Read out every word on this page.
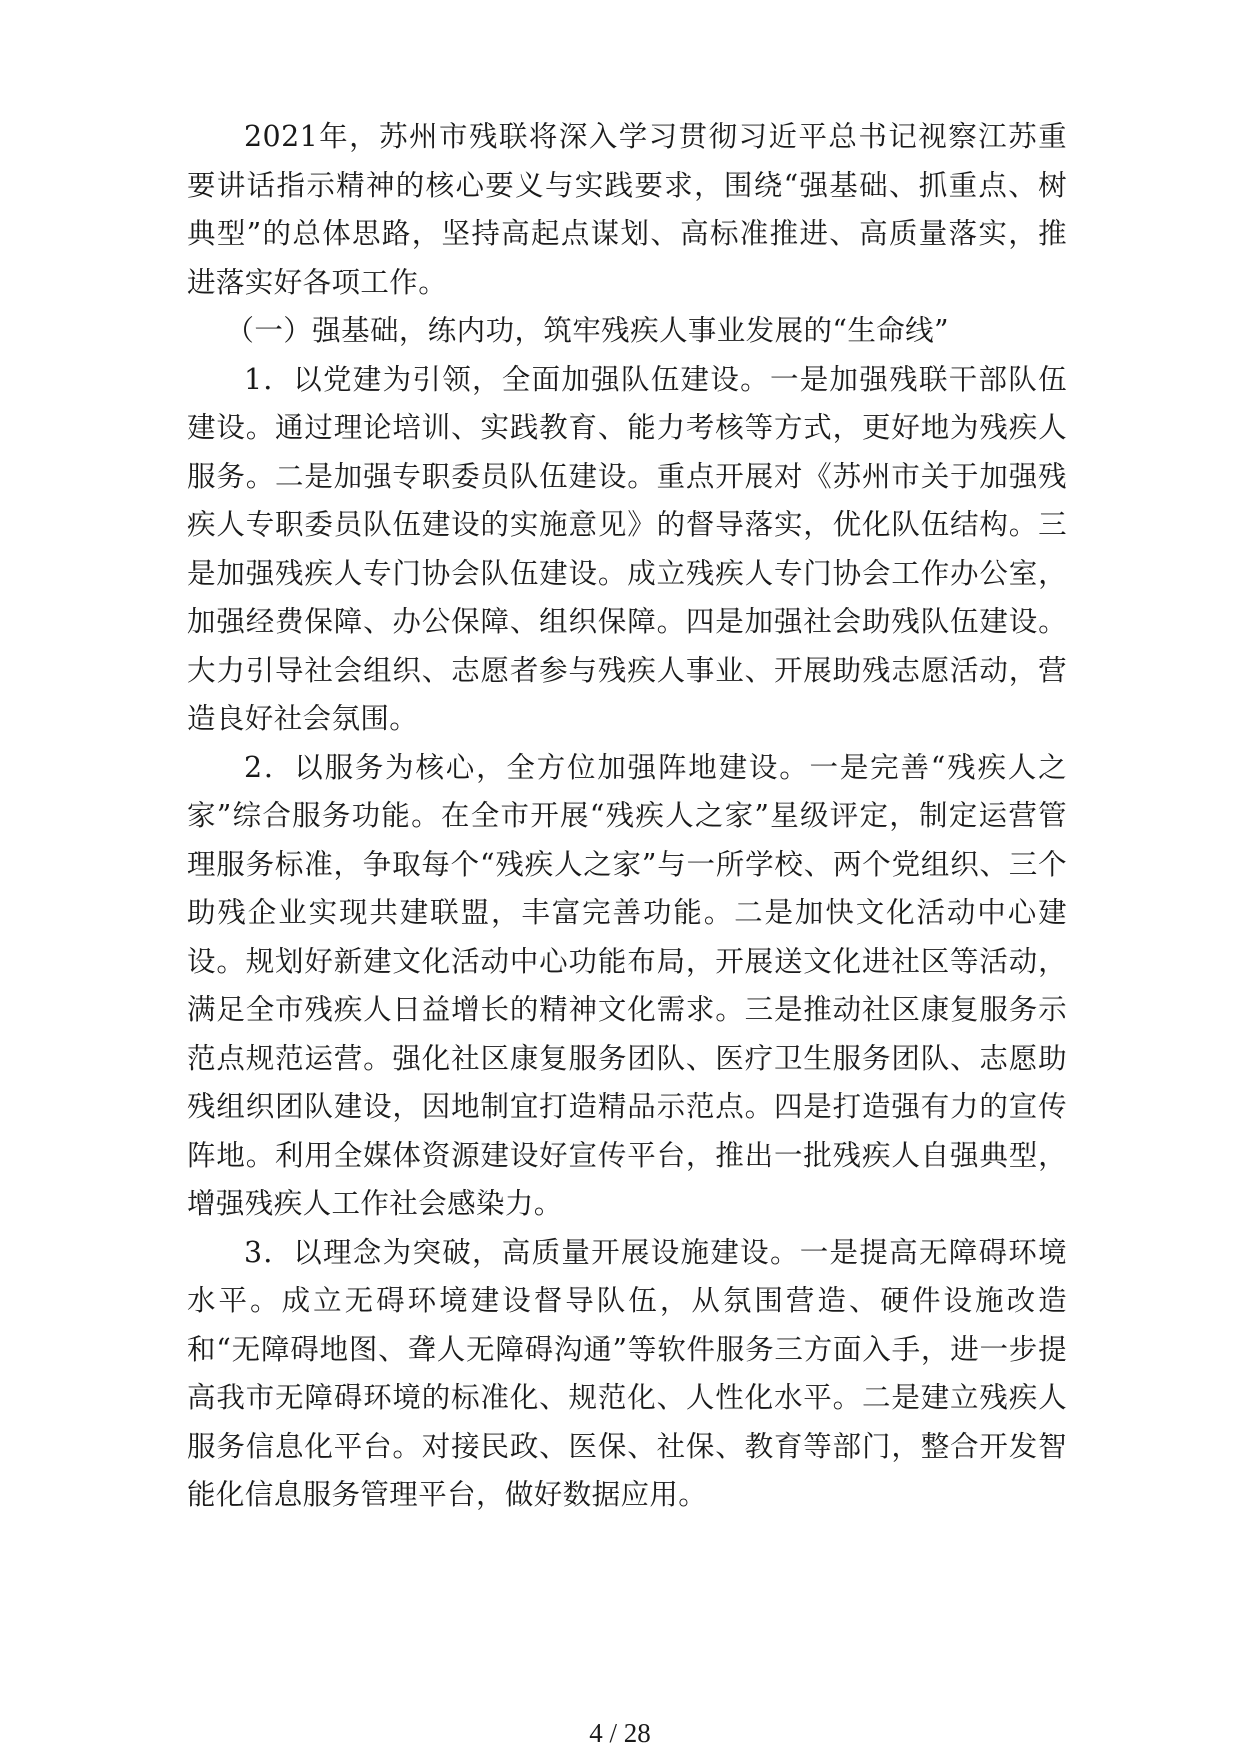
2021年，苏州市残联将深入学习贯彻习近平总书记视察江苏重要讲话指示精神的核心要义与实践要求，围绕“强基础、抓重点、树典型”的总体思路，坚持高起点谋划、高标准推进、高质量落实，推进落实好各项工作。

（一）强基础，练内功，筑牢残疾人事业发展的“生命线”

1．以党建为引领，全面加强队伍建设。一是加强残联干部队伍建设。通过理论培训、实践教育、能力考核等方式，更好地为残疾人服务。二是加强专职委员队伍建设。重点开展对《苏州市关于加强残疾人专职委员队伍建设的实施意见》的督导落实，优化队伍结构。三是加强残疾人专门协会队伍建设。成立残疾人专门协会工作办公室，加强经费保障、办公保障、组织保障。四是加强社会助残队伍建设。大力引导社会组织、志愿者参与残疾人事业、开展助残志愿活动，营造良好社会氛围。

2．以服务为核心，全方位加强阵地建设。一是完善“残疾人之家”综合服务功能。在全市开展“残疾人之家”星级评定，制定运营管理服务标准，争取每个“残疾人之家”与一所学校、两个党组织、三个助残企业实现共建联盟，丰富完善功能。二是加快文化活动中心建设。规划好新建文化活动中心功能布局，开展送文化进社区等活动，满足全市残疾人日益增长的精神文化需求。三是推动社区康复服务示范点规范运营。强化社区康复服务团队、医疗卫生服务团队、志愿助残组织团队建设，因地制宜打造精品示范点。四是打造强有力的宣传阵地。利用全媒体资源建设好宣传平台，推出一批残疾人自强典型，增强残疾人工作社会感染力。

3．以理念为突破，高质量开展设施建设。一是提高无障碍环境水平。成立无碍环境建设督导队伍，从氛围营造、硬件设施改造和“无障碍地图、聋人无障碍沟通”等软件服务三方面入手，进一步提高我市无障碍环境的标准化、规范化、人性化水平。二是建立残疾人服务信息化平台。对接民政、医保、社保、教育等部门，整合开发智能化信息服务管理平台，做好数据应用。

4 / 28
